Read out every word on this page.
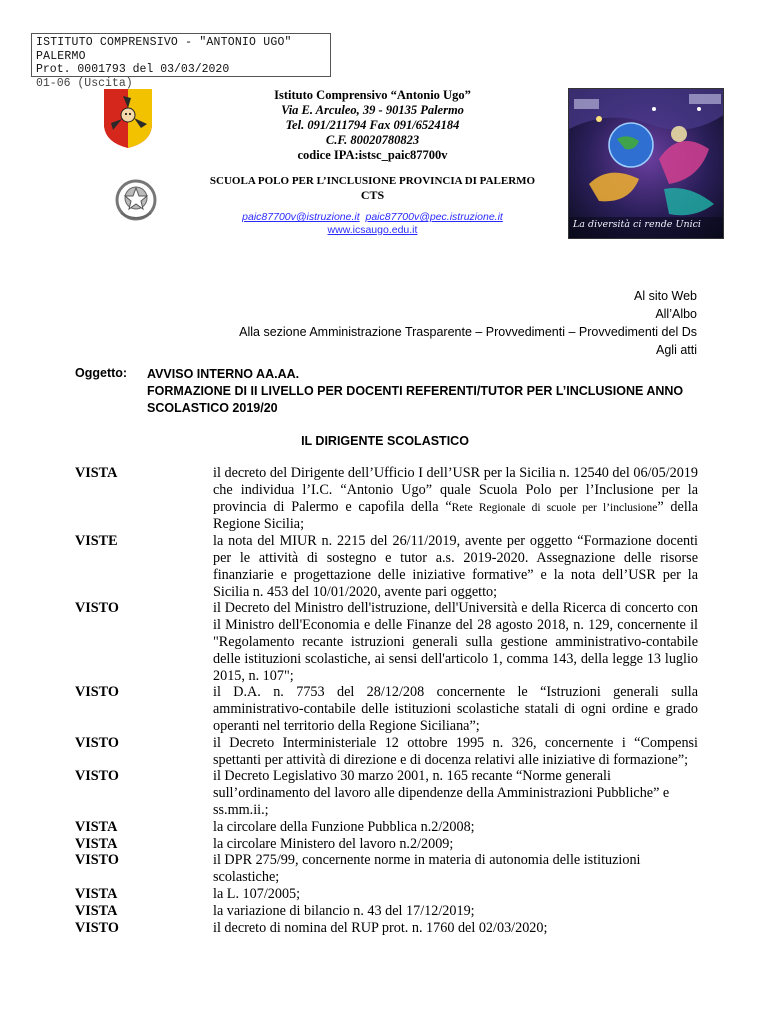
ISTITUTO COMPRENSIVO - "ANTONIO UGO" PALERMO
Prot. 0001793 del 03/03/2020
01-06 (Uscita)
La diversità ci rende Unici
Istituto Comprensivo “Antonio Ugo”
Via E. Arculeo, 39 - 90135 Palermo
Tel. 091/211794 Fax 091/6524184
C.F. 80020780823
codice IPA:istsc_paic87700v
SCUOLA POLO PER L’INCLUSIONE PROVINCIA DI PALERMO
CTS
paic87700v@istruzione.it paic87700v@pec.istruzione.it
www.icsaugo.edu.it
Al sito Web
All’Albo
Alla sezione Amministrazione Trasparente – Provvedimenti – Provvedimenti del Ds
Agli atti
Oggetto: AVVISO INTERNO AA.AA.
FORMAZIONE DI II LIVELLO PER DOCENTI REFERENTI/TUTOR PER L’INCLUSIONE ANNO SCOLASTICO 2019/20
IL DIRIGENTE SCOLASTICO
VISTA	il decreto del Dirigente dell’Ufficio I dell’USR per la Sicilia n. 12540 del 06/05/2019 che individua l’I.C. “Antonio Ugo” quale Scuola Polo per l’Inclusione per la provincia di Palermo e capofila della “Rete Regionale di scuole per l’inclusione” della Regione Sicilia;
VISTE	la nota del MIUR n. 2215 del 26/11/2019, avente per oggetto “Formazione docenti per le attività di sostegno e tutor a.s. 2019-2020. Assegnazione delle risorse finanziarie e progettazione delle iniziative formative” e la nota dell’USR per la Sicilia n. 453 del 10/01/2020, avente pari oggetto;
VISTO	il Decreto del Ministro dell'istruzione, dell'Università e della Ricerca di concerto con il Ministro dell'Economia e delle Finanze del 28 agosto 2018, n. 129, concernente il "Regolamento recante istruzioni generali sulla gestione amministrativo-contabile delle istituzioni scolastiche, ai sensi dell'articolo 1, comma 143, della legge 13 luglio 2015, n. 107";
VISTO	il D.A. n. 7753 del 28/12/208 concernente le “Istruzioni generali sulla amministrativo-contabile delle istituzioni scolastiche statali di ogni ordine e grado operanti nel territorio della Regione Siciliana”;
VISTO	il Decreto Interministeriale 12 ottobre 1995 n. 326, concernente i “Compensi spettanti per attività di direzione e di docenza relativi alle iniziative di formazione”;
VISTO	il Decreto Legislativo 30 marzo 2001, n. 165 recante “Norme generali sull’ordinamento del lavoro alle dipendenze della Amministrazioni Pubbliche” e ss.mm.ii.;
VISTA	la circolare della Funzione Pubblica n.2/2008;
VISTA	la circolare Ministero del lavoro n.2/2009;
VISTO	il DPR 275/99, concernente norme in materia di autonomia delle istituzioni scolastiche;
VISTA	la L. 107/2005;
VISTA	la variazione di bilancio n. 43 del 17/12/2019;
VISTO	il decreto di nomina del RUP prot. n. 1760 del 02/03/2020;
